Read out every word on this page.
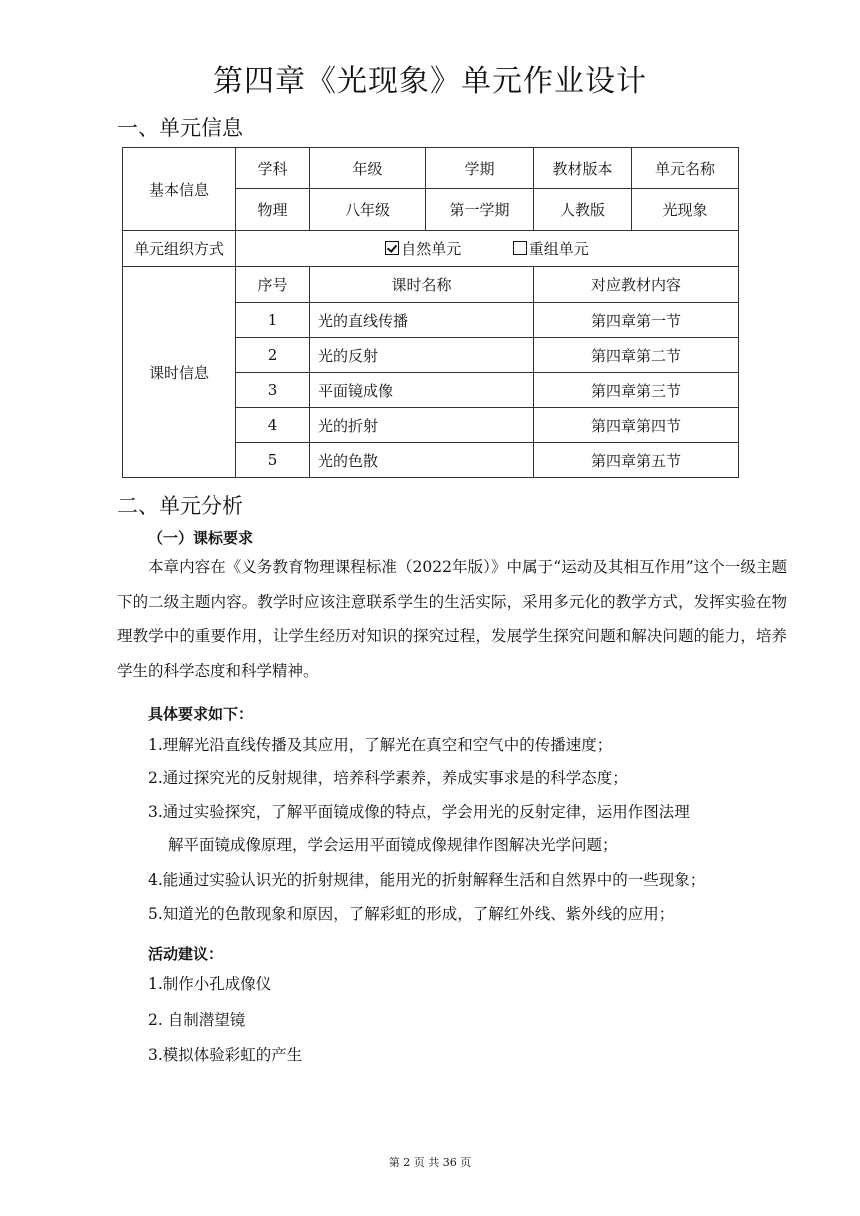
第四章《光现象》单元作业设计
一、单元信息
基本信息	学科	年级	学期	教材版本	单元名称
	物理	八年级	第一学期	人教版	光现象
单元组织方式	自然单元 重组单元				
课时信息	序号	课时名称		对应教材内容	
	1	光的直线传播		第四章第一节	
	2	光的反射		第四章第二节	
	3	平面镜成像		第四章第三节	
	4	光的折射		第四章第四节	
	5	光的色散		第四章第五节	
二、单元分析
（一）课标要求
本章内容在《义务教育物理课程标准（2022年版）》中属于“运动及其相互作用”这个一级主题下的二级主题内容。教学时应该注意联系学生的生活实际，采用多元化的教学方式，发挥实验在物理教学中的重要作用，让学生经历对知识的探究过程，发展学生探究问题和解决问题的能力，培养学生的科学态度和科学精神。
具体要求如下：
1.理解光沿直线传播及其应用，了解光在真空和空气中的传播速度；
2.通过探究光的反射规律，培养科学素养，养成实事求是的科学态度；
3.通过实验探究，了解平面镜成像的特点，学会用光的反射定律，运用作图法理
解平面镜成像原理，学会运用平面镜成像规律作图解决光学问题；
4.能通过实验认识光的折射规律，能用光的折射解释生活和自然界中的一些现象；
5.知道光的色散现象和原因，了解彩虹的形成，了解红外线、紫外线的应用；
活动建议：
1.制作小孔成像仪
2. 自制潜望镜
3.模拟体验彩虹的产生
第 2 页 共 36 页
